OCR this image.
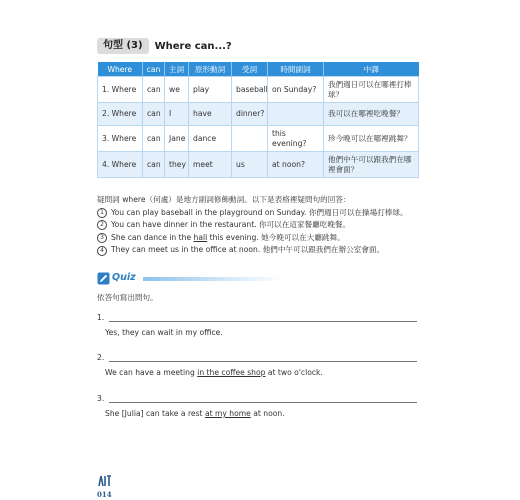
句型 (3)	Where can...?
Where	can	主詞	原形動詞	受詞	時間副詞	中譯
1. Where	can	we	play	baseball	on Sunday?	我們週日可以在哪裡打棒球？
2. Where	can	I	have	dinner?		我可以在哪裡吃晚餐？
3. Where	can	Jane	dance		this evening?	珍今晚可以在哪裡跳舞？
4. Where	can	they	meet	us	at noon?	他們中午可以跟我們在哪裡會面？
疑問詞 where（何處）是地方副詞修飾動詞。以下是表格裡疑問句的回答：
1 You can play baseball in the playground on Sunday. 你們週日可以在操場打棒球。
2 You can have dinner in the restaurant. 你可以在這家餐廳吃晚餐。
3 She can dance in the hall this evening. 她今晚可以在大廳跳舞。
4 They can meet us in the office at noon. 他們中午可以跟我們在辦公室會面。
Quiz
依答句寫出問句。
1.
Yes, they can wait in my office.
2.
We can have a meeting in the coffee shop at two o'clock.
3.
She [Julia] can take a rest at my home at noon.
014
